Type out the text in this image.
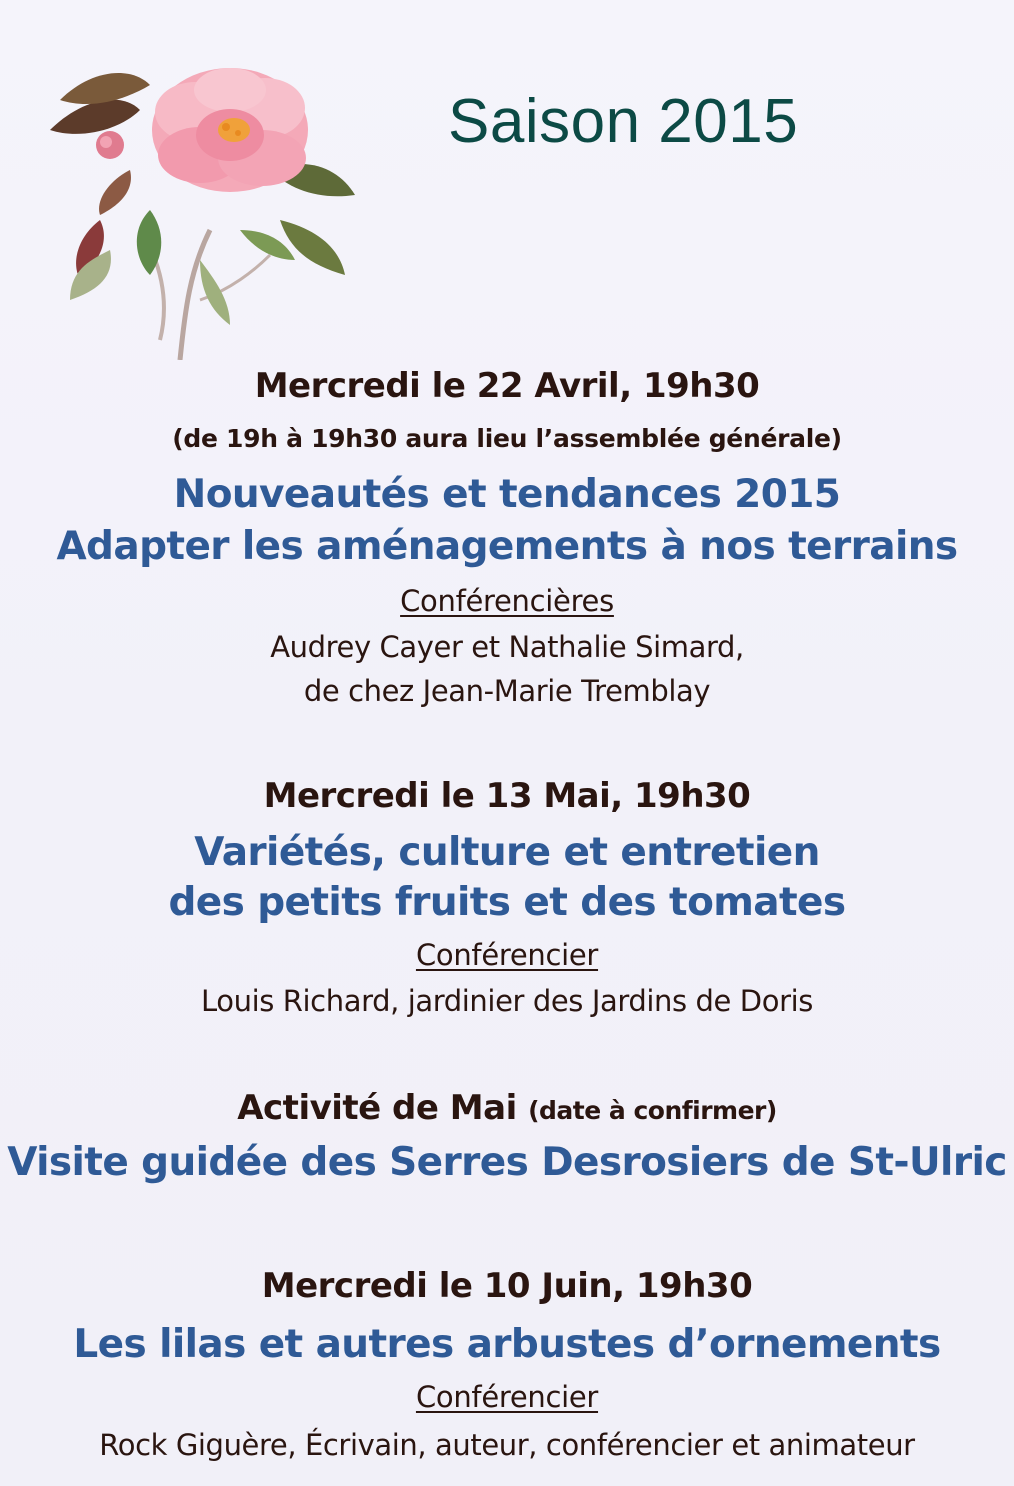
Saison 2015
Mercredi le 22 Avril, 19h30
(de 19h à 19h30 aura lieu l’assemblée générale)
Nouveautés et tendances 2015
Adapter les aménagements à nos terrains
Conférencières
Audrey Cayer et Nathalie Simard,
de chez Jean-Marie Tremblay
Mercredi le 13 Mai, 19h30
Variétés, culture et entretien
des petits fruits et des tomates
Conférencier
Louis Richard, jardinier des Jardins de Doris
Activité de Mai (date à confirmer)
Visite guidée des Serres Desrosiers de St-Ulric
Mercredi le 10 Juin, 19h30
Les lilas et autres arbustes d’ornements
Conférencier
Rock Giguère, Écrivain, auteur, conférencier et animateur
